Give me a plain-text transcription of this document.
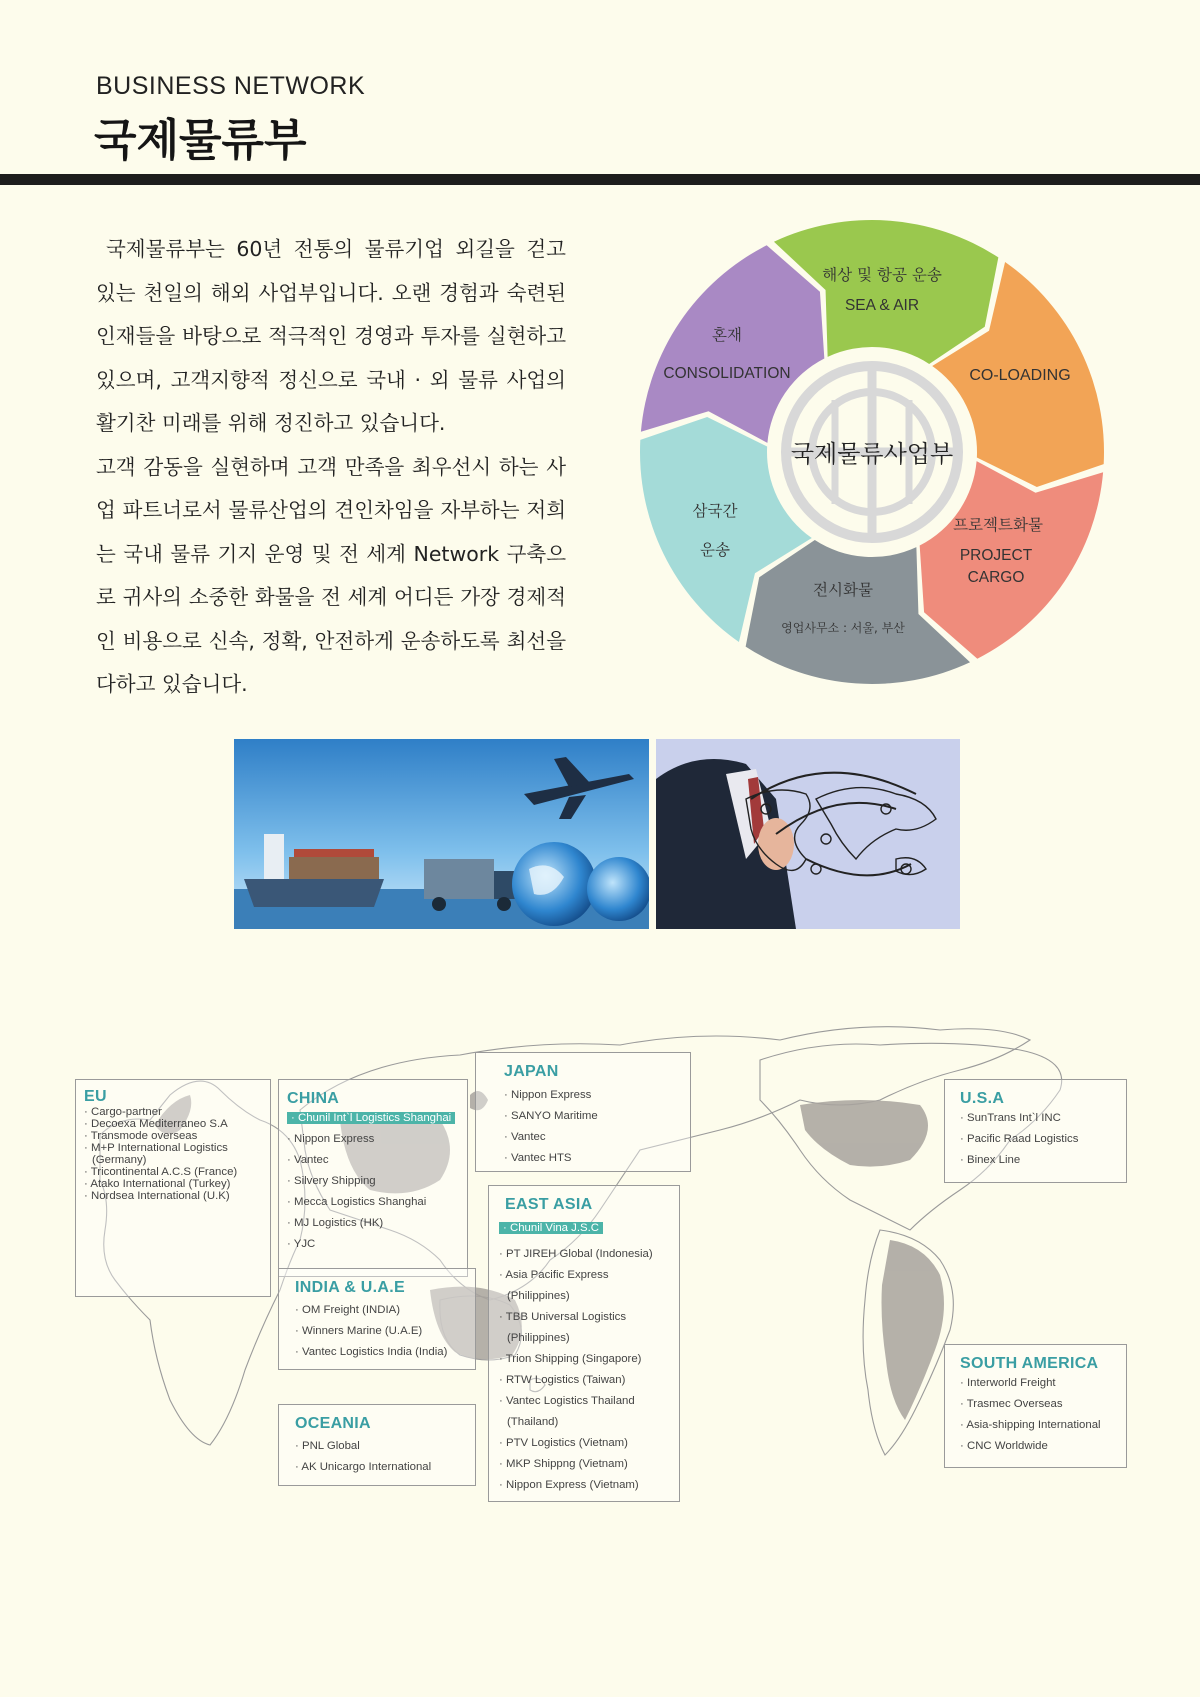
BUSINESS NETWORK
국제물류부

국제물류부는 60년 전통의 물류기업 외길을 걷고 있는 천일의 해외 사업부입니다. 오랜 경험과 숙련된 인재들을 바탕으로 적극적인 경영과 투자를 실현하고 있으며, 고객지향적 정신으로 국내 · 외 물류 사업의 활기찬 미래를 위해 정진하고 있습니다.

고객 감동을 실현하며 고객 만족을 최우선시 하는 사업 파트너로서 물류산업의 견인차임을 자부하는 저희는 국내 물류 기지 운영 및 전 세계 Network 구축으로 귀사의 소중한 화물을 전 세계 어디든 가장 경제적인 비용으로 신속, 정확, 안전하게 운송하도록 최선을 다하고 있습니다.

국제물류사업부
해상 및 항공 운송
SEA & AIR
CO-LOADING
프로젝트화물
PROJECT
CARGO
전시화물
영업사무소 : 서울, 부산
삼국간
운송
혼재
CONSOLIDATION
EU
· Cargo-partner
· Decoexa Mediterraneo S.A
· Transmode overseas
· M+P International Logistics
(Germany)
· Tricontinental A.C.S (France)
· Atako International (Turkey)
· Nordsea International (U.K)
CHINA
· Chunil Int`l Logistics Shanghai
· Nippon Express
· Vantec
· Silvery Shipping
· Mecca Logistics Shanghai
· MJ Logistics (HK)
· YJC
JAPAN
· Nippon Express
· SANYO Maritime
· Vantec
· Vantec HTS
U.S.A
· SunTrans Int`l INC
· Pacific Raad Logistics
· Binex Line
INDIA & U.A.E
· OM Freight (INDIA)
· Winners Marine (U.A.E)
· Vantec Logistics India (India)
EAST ASIA
· Chunil Vina J.S.C
· PT JIREH Global (Indonesia)
· Asia Pacific Express
(Philippines)
· TBB Universal Logistics
(Philippines)
· Trion Shipping (Singapore)
· RTW Logistics (Taiwan)
· Vantec Logistics Thailand
(Thailand)
· PTV Logistics (Vietnam)
· MKP Shippng (Vietnam)
· Nippon Express (Vietnam)
OCEANIA
· PNL Global
· AK Unicargo International
SOUTH AMERICA
· Interworld Freight
· Trasmec Overseas
· Asia-shipping International
· CNC Worldwide
